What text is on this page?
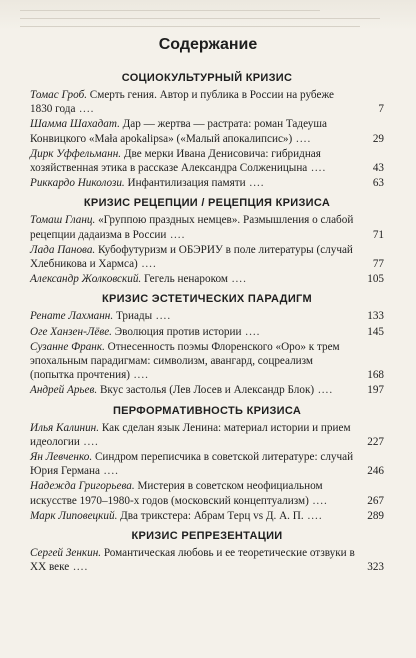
Содержание
СОЦИОКУЛЬТУРНЫЙ КРИЗИС
Томас Гроб. Смерть гения. Автор и публика в России на рубеже 1830 года ....	7
Шамма Шахадат. Дар — жертва — растрата: роман Тадеуша Конвицкого «Mała apokalipsa» («Малый апокалипсис») ....	29
Дирк Уффельманн. Две мерки Ивана Денисовича: гибридная хозяйственная этика в рассказе Александра Солженицына ....	43
Риккардо Николози. Инфантилизация памяти ....	63
КРИЗИС РЕЦЕПЦИИ / РЕЦЕПЦИЯ КРИЗИСА
Томаш Гланц. «Группою праздных немцев». Размышления о слабой рецепции дадаизма в России ....	71
Лада Панова. Кубофутуризм и ОБЭРИУ в поле литературы (случай Хлебникова и Хармса) ....	77
Александр Жолковский. Гегель ненароком ....	105
КРИЗИС ЭСТЕТИЧЕСКИХ ПАРАДИГМ
Ренате Лахманн. Триады ....	133
Оге Ханзен-Лёве. Эволюция против истории ....	145
Сузанне Франк. Отнесенность поэмы Флоренского «Оро» к трем эпохальным парадигмам: символизм, авангард, соцреализм (попытка прочтения) ....	168
Андрей Арьев. Вкус застолья (Лев Лосев и Александр Блок) ....	197
ПЕРФОРМАТИВНОСТЬ КРИЗИСА
Илья Калинин. Как сделан язык Ленина: материал истории и прием идеологии ....	227
Ян Левченко. Синдром переписчика в советской литературе: случай Юрия Германа ....	246
Надежда Григорьева. Мистерия в советском неофициальном искусстве 1970–1980-х годов (московский концептуализм) ....	267
Марк Липовецкий. Два трикстера: Абрам Терц vs Д. А. П. ....	289
КРИЗИС РЕПРЕЗЕНТАЦИИ
Сергей Зенкин. Романтическая любовь и ее теоретические отзвуки в XX веке ....	323
